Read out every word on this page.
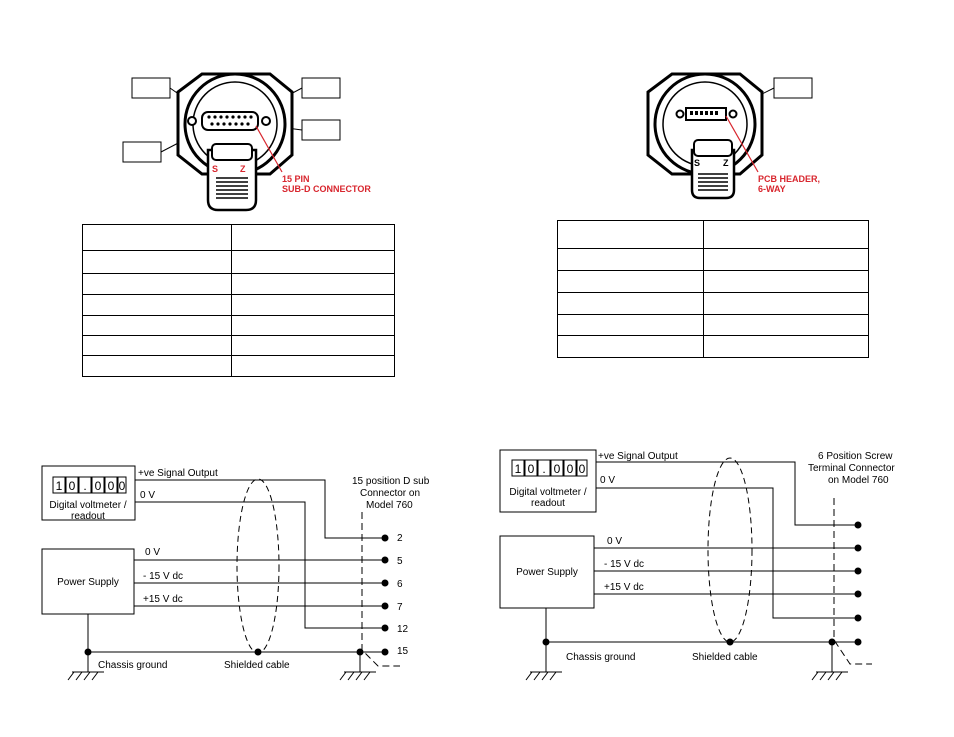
S Z
15 PIN
SUB-D CONNECTOR
S	Z
PCB HEADER,
6-WAY

1 0 . 0 0 0
Digital voltmeter /
readout
Power Supply
2
5
6
7
12
15
+ve Signal Output
0 V
0 V
- 15 V dc
+15 V dc
Chassis ground	Shielded cable
15 position D sub
Connector on
Model 760
1 0 . 0 0 0
Digital voltmeter /
readout
Power Supply
+ve Signal Output
0 V
0 V
- 15 V dc
+15 V dc
Chassis ground	Shielded cable
6 Position Screw
Terminal Connector
on Model 760
